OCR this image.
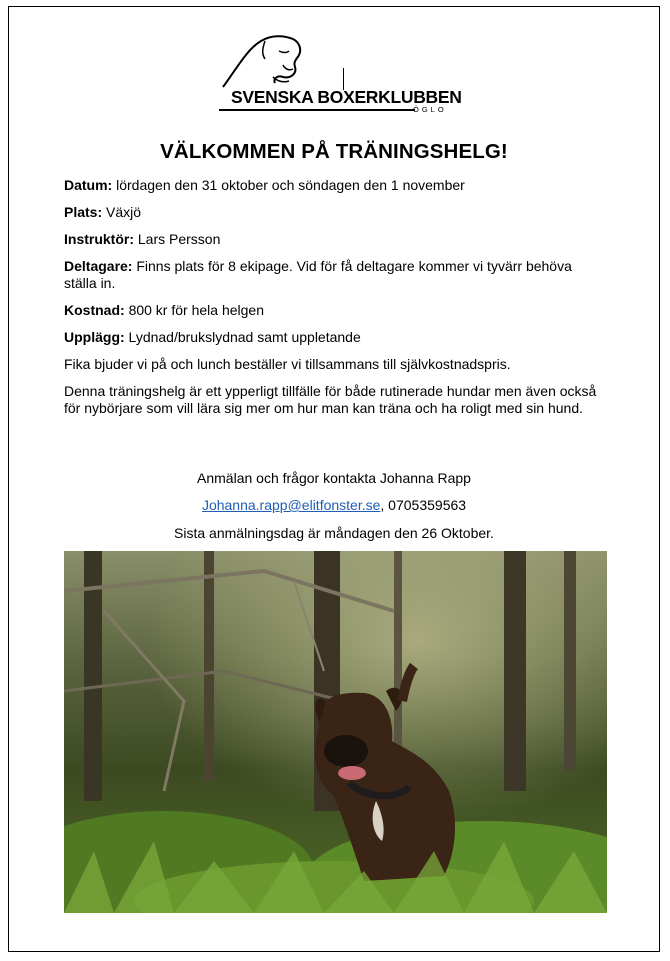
SVENSKA BOXERKLUBBEN
ÖGLO
VÄLKOMMEN PÅ TRÄNINGSHELG!

Datum: lördagen den 31 oktober och söndagen den 1 november

Plats: Växjö

Instruktör: Lars Persson

Deltagare: Finns plats för 8 ekipage. Vid för få deltagare kommer vi tyvärr behöva ställa in.

Kostnad: 800 kr för hela helgen

Upplägg: Lydnad/brukslydnad samt uppletande

Fika bjuder vi på och lunch beställer vi tillsammans till självkostnadspris.

Denna träningshelg är ett ypperligt tillfälle för både rutinerade hundar men även också för nybörjare som vill lära sig mer om hur man kan träna och ha roligt med sin hund.

Anmälan och frågor kontakta Johanna Rapp
Johanna.rapp@elitfonster.se, 0705359563
Sista anmälningsdag är måndagen den 26 Oktober.
